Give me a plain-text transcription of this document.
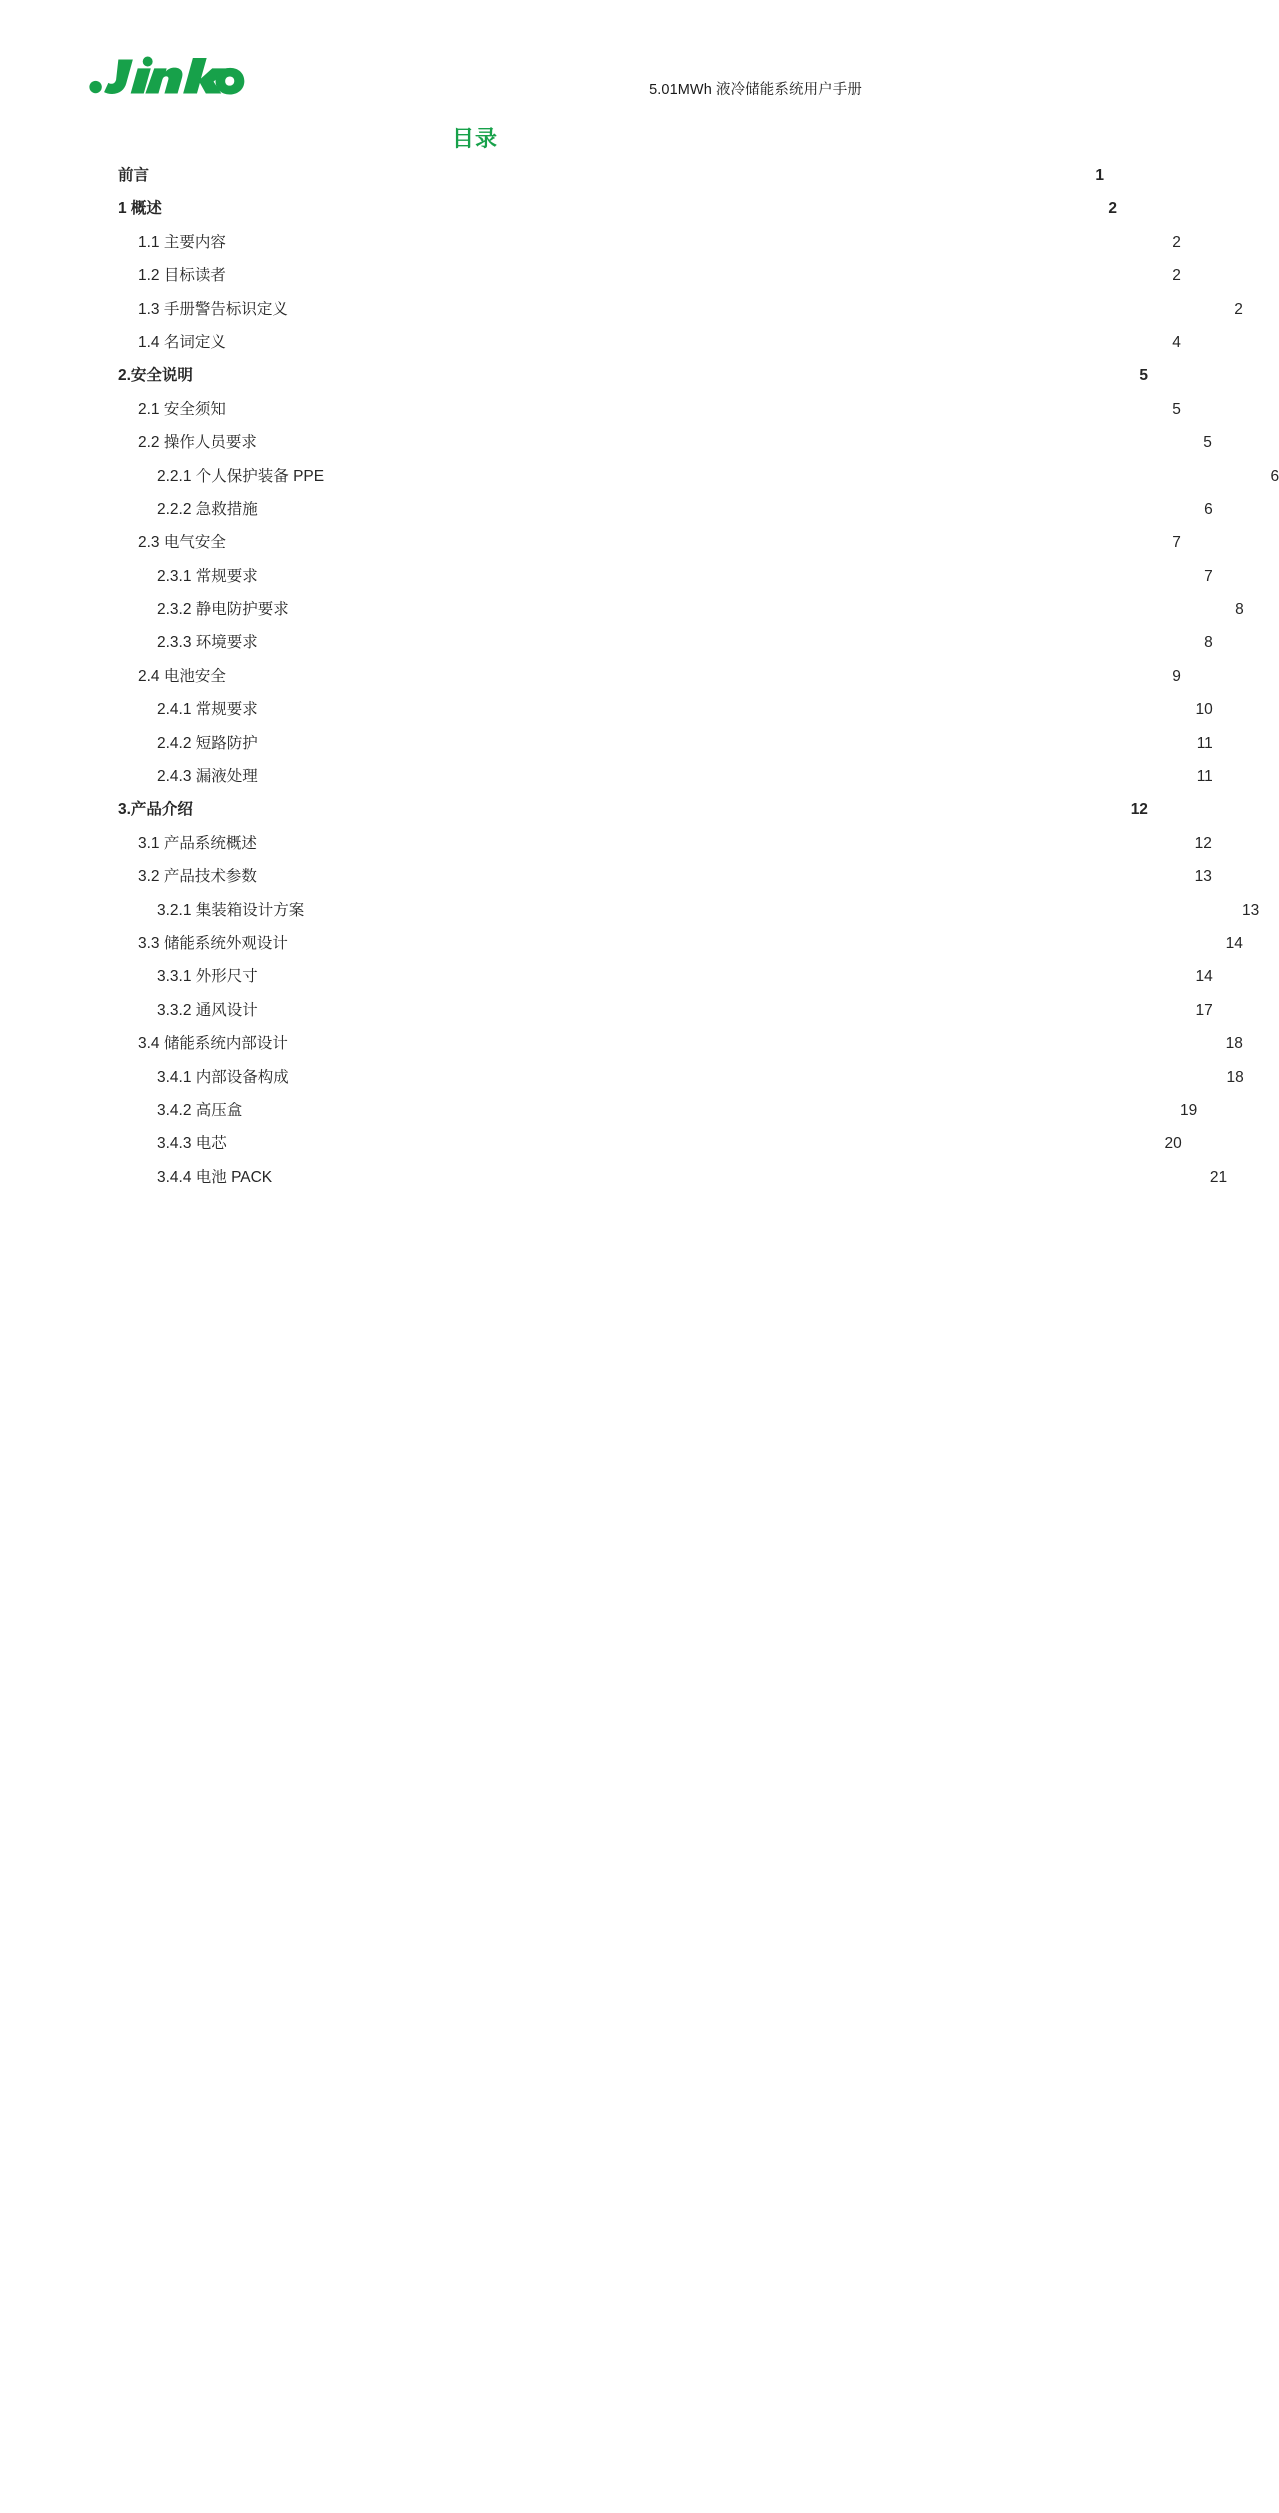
5.01MWh 液冷储能系统用户手册
目录
前言	1
1 概述	2
1.1 主要内容	2
1.2 目标读者	2
1.3 手册警告标识定义	2
1.4 名词定义	4
2.安全说明	5
2.1 安全须知	5
2.2 操作人员要求	5
2.2.1 个人保护装备 PPE	6
2.2.2 急救措施	6
2.3 电气安全	7
2.3.1 常规要求	7
2.3.2 静电防护要求	8
2.3.3 环境要求	8
2.4 电池安全	9
2.4.1 常规要求	10
2.4.2 短路防护	11
2.4.3 漏液处理	11
3.产品介绍	12
3.1 产品系统概述	12
3.2 产品技术参数	13
3.2.1 集装箱设计方案	13
3.3 储能系统外观设计	14
3.3.1 外形尺寸	14
3.3.2 通风设计	17
3.4 储能系统内部设计	18
3.4.1 内部设备构成	18
3.4.2 高压盒	19
3.4.3 电芯	20
3.4.4 电池 PACK	21
